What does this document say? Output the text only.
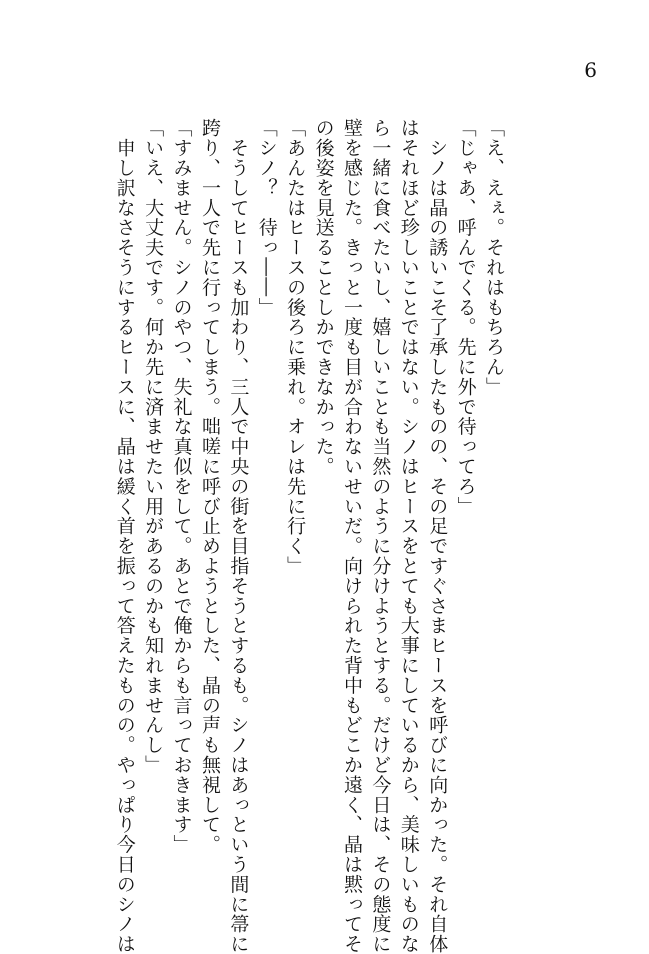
6
「え、えぇ。それはもちろん」
「じゃあ、呼んでくる。先に外で待ってろ」
　シノは晶の誘いこそ了承したものの、その足ですぐさまヒースを呼びに向かった。それ自体
はそれほど珍しいことではない。シノはヒースをとても大事にしているから、美味しいものな
ら一緒に食べたいし、嬉しいことも当然のように分けようとする。だけど今日は、その態度に
壁を感じた。きっと一度も目が合わないせいだ。向けられた背中もどこか遠く、晶は黙ってそ
の後姿を見送ることしかできなかった。
「あんたはヒースの後ろに乗れ。オレは先に行く」
「シノ？　待っ――」
　そうしてヒースも加わり、三人で中央の街を目指そうとするも。シノはあっという間に箒に
跨り、一人で先に行ってしまう。咄嗟に呼び止めようとした、晶の声も無視して。
「すみません。シノのやつ、失礼な真似をして。あとで俺からも言っておきます」
「いえ、大丈夫です。何か先に済ませたい用があるのかも知れませんし」
　申し訳なさそうにするヒースに、晶は緩く首を振って答えたものの。やっぱり今日のシノは
